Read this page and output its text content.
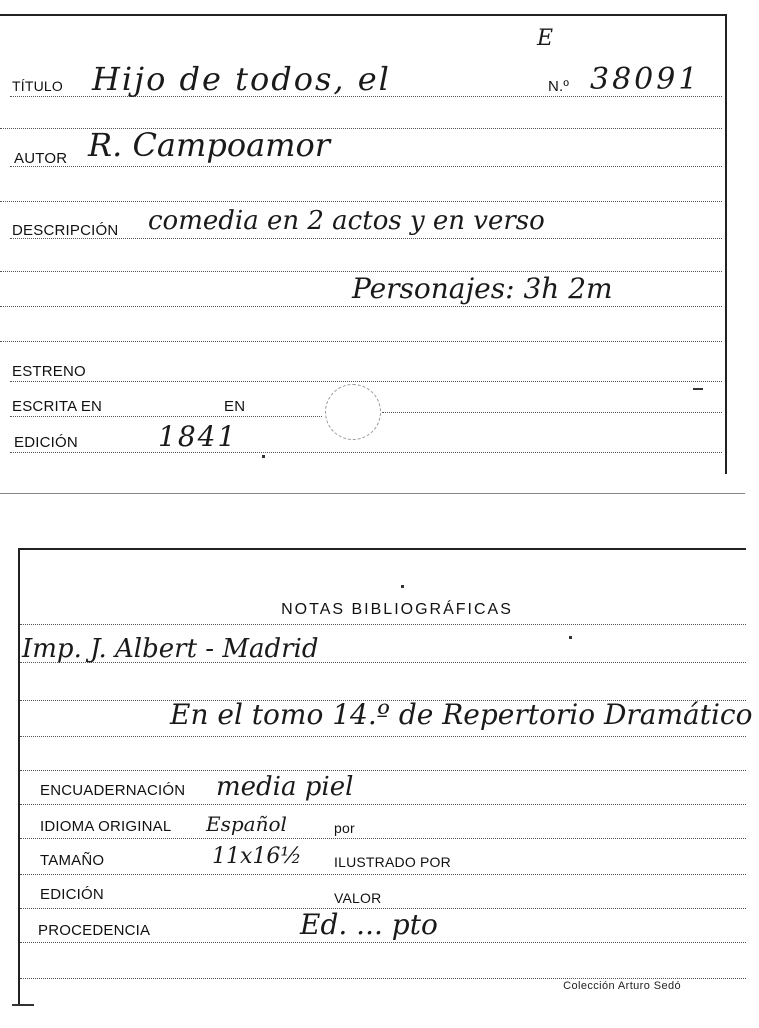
E
TÍTULO Hijo de todos, el	N.º 38091
AUTOR R. Campoamor
DESCRIPCIÓN comedia en 2 actos y en verso
Personajes: 3h 2m
ESTRENO
ESCRITA EN	EN
EDICIÓN	1841
NOTAS BIBLIOGRÁFICAS
Imp. J. Albert - Madrid
En el tomo 14.º de Repertorio Dramático
ENCUADERNACIÓN media piel
IDIOMA ORIGINAL Español	por
TAMAÑO	11x16½ ILUSTRADO POR
EDICIÓN	VALOR
PROCEDENCIA	Ed. ... pto
Colección Arturo Sedó
